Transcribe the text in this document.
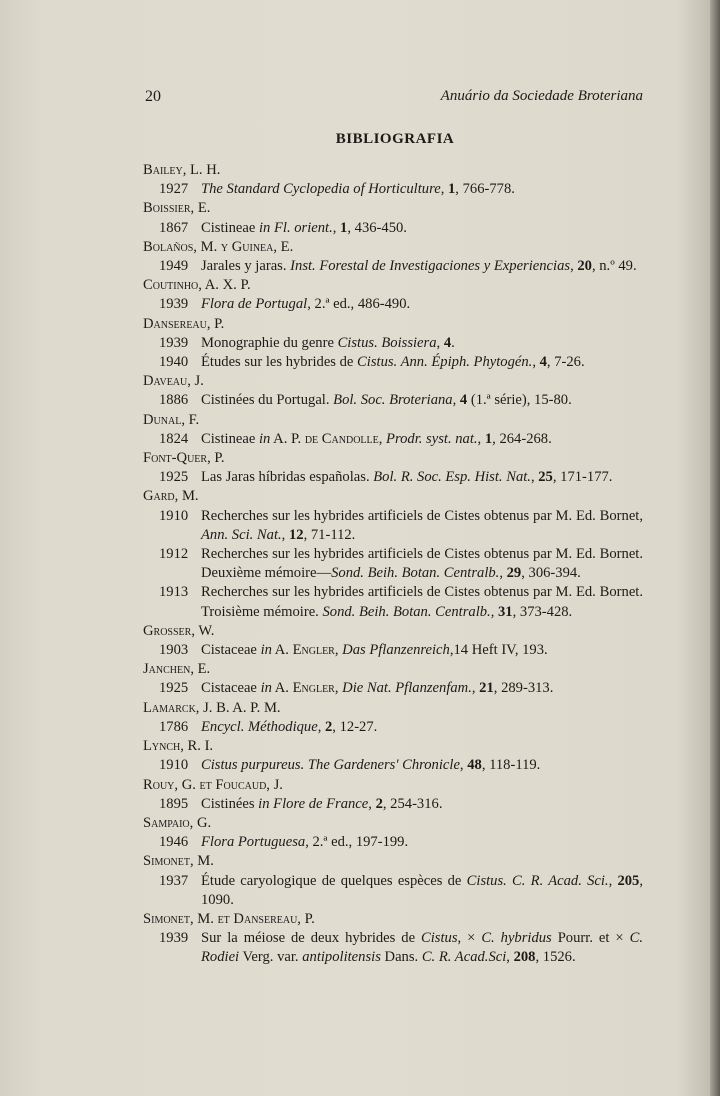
20	Anuário da Sociedade Broteriana
BIBLIOGRAFIA
Bailey, L. H.
1927 The Standard Cyclopedia of Horticulture, 1, 766-778.
Boissier, E.
1867 Cistineae in Fl. orient., 1, 436-450.
Bolaños, M. y Guinea, E.
1949 Jarales y jaras. Inst. Forestal de Investigaciones y Experiencias, 20, n.º 49.
Coutinho, A. X. P.
1939 Flora de Portugal, 2.ª ed., 486-490.
Dansereau, P.
1939 Monographie du genre Cistus. Boissiera, 4.
1940 Études sur les hybrides de Cistus. Ann. Épiph. Phytogén., 4, 7-26.
Daveau, J.
1886 Cistinées du Portugal. Bol. Soc. Broteriana, 4 (1.ª série), 15-80.
Dunal, F.
1824 Cistineae in A. P. de Candolle, Prodr. syst. nat., 1, 264-268.
Font-Quer, P.
1925 Las Jaras híbridas españolas. Bol. R. Soc. Esp. Hist. Nat., 25, 171-177.
Gard, M.
1910 Recherches sur les hybrides artificiels de Cistes obtenus par M. Ed. Bornet, Ann. Sci. Nat., 12, 71-112.
1912 Recherches sur les hybrides artificiels de Cistes obtenus par M. Ed. Bornet. Deuxième mémoire—Sond. Beih. Botan. Centralb., 29, 306-394.
1913 Recherches sur les hybrides artificiels de Cistes obtenus par M. Ed. Bornet. Troisième mémoire. Sond. Beih. Botan. Centralb., 31, 373-428.
Grosser, W.
1903 Cistaceae in A. Engler, Das Pflanzenreich,14 Heft IV, 193.
Janchen, E.
1925 Cistaceae in A. Engler, Die Nat. Pflanzenfam., 21, 289-313.
Lamarck, J. B. A. P. M.
1786 Encycl. Méthodique, 2, 12-27.
Lynch, R. I.
1910 Cistus purpureus. The Gardeners' Chronicle, 48, 118-119.
Rouy, G. et Foucaud, J.
1895 Cistinées in Flore de France, 2, 254-316.
Sampaio, G.
1946 Flora Portuguesa, 2.ª ed., 197-199.
Simonet, M.
1937 Étude caryologique de quelques espèces de Cistus. C. R. Acad. Sci., 205, 1090.
Simonet, M. et Dansereau, P.
1939 Sur la méiose de deux hybrides de Cistus, × C. hybridus Pourr. et × C. Rodiei Verg. var. antipolitensis Dans. C. R. Acad.Sci, 208, 1526.
